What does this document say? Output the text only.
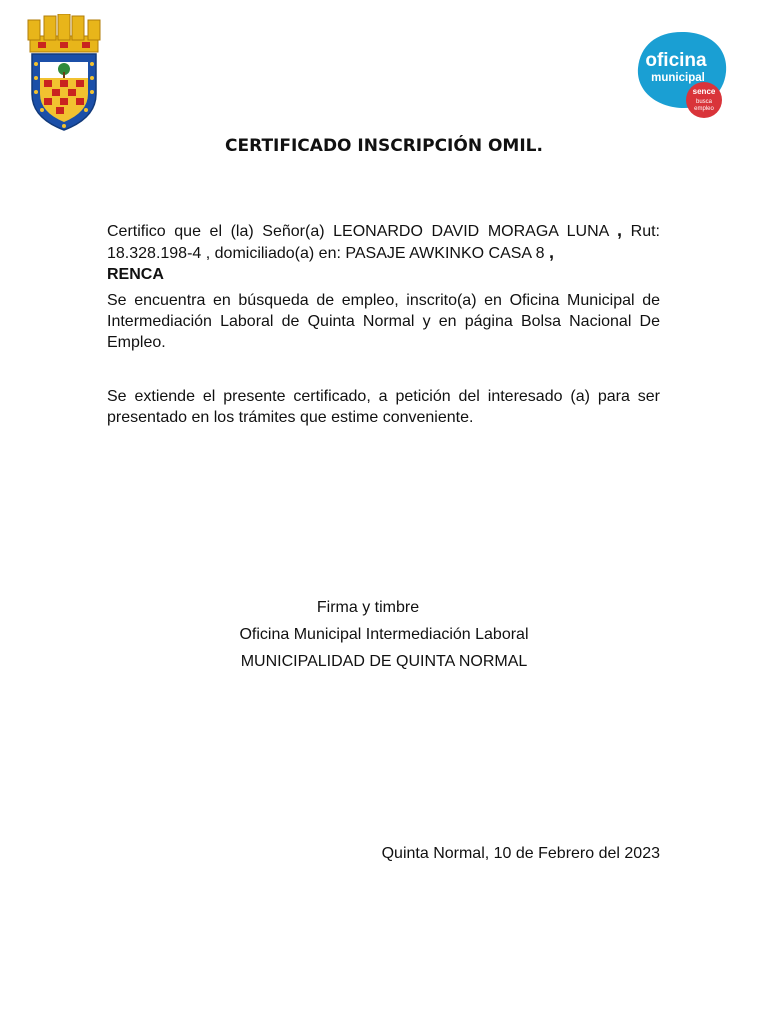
oficina
municipal
sence
busca
empleo
CERTIFICADO INSCRIPCIÓN OMIL.
Certifico que el (la) Señor(a) LEONARDO DAVID MORAGA LUNA , Rut: 18.328.198-4 , domiciliado(a) en: PASAJE AWKINKO CASA 8 ,
RENCA
Se encuentra en búsqueda de empleo, inscrito(a) en Oficina Municipal de Intermediación Laboral de Quinta Normal y en página Bolsa Nacional De Empleo.
Se extiende el presente certificado, a petición del interesado (a) para ser presentado en los trámites que estime conveniente.
Firma y timbre
Oficina Municipal Intermediación Laboral
MUNICIPALIDAD DE QUINTA NORMAL
Quinta Normal, 10 de Febrero del 2023
